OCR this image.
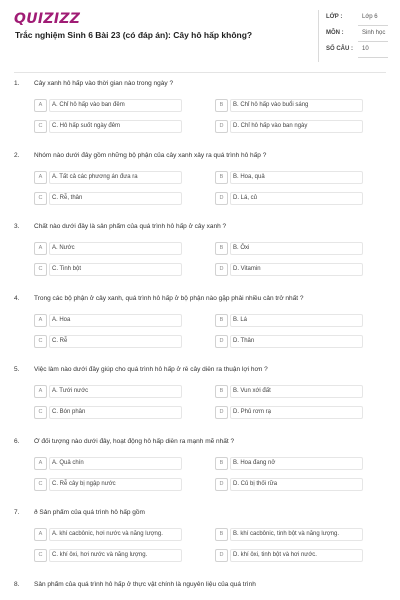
QUIZIZZ
Trắc nghiệm Sinh 6 Bài 23 (có đáp án): Cây hô hấp không?
LỚP :	Lớp 6
MÔN :	Sinh học
SỐ CÂU : 10
1. Cây xanh hô hấp vào thời gian nào trong ngày ?
A	A. Chỉ hô hấp vào ban đêm	B	B. Chỉ hô hấp vào buổi sáng
C	C. Hô hấp suốt ngày đêm	D	D. Chỉ hô hấp vào ban ngày
2. Nhóm nào dưới đây gồm những bộ phận của cây xanh xảy ra quá trình hô hấp ?
A	A. Tất cả các phương án đưa ra	B	B. Hoa, quả
C	C. Rễ, thân	D	D. Lá, củ
3. Chất nào dưới đây là sản phẩm của quá trình hô hấp ở cây xanh ?
A	A. Nước	B	B. Ôxi
C	C. Tinh bột	D	D. Vitamin
4. Trong các bộ phận ở cây xanh, quá trình hô hấp ở bộ phận nào gặp phải nhiều cản trở nhất ?
A	A. Hoa	B	B. Lá
C	C. Rễ	D	D. Thân
5. Việc làm nào dưới đây giúp cho quá trình hô hấp ở rễ cây diễn ra thuận lợi hơn ?
A	A. Tưới nước	B	B. Vun xới đất
C	C. Bón phân	D	D. Phủ rơm rạ
6. Ở đối tượng nào dưới đây, hoạt động hô hấp diễn ra mạnh mẽ nhất ?
A	A. Quả chín	B	B. Hoa đang nở
C	C. Rễ cây bị ngập nước	D	D. Củ bị thối rữa
7. ð Sản phẩm của quá trình hô hấp gồm
A	A. khí cacbônic, hơi nước và năng lượng.	B	B. khí cacbônic, tinh bột và năng lượng.
C	C. khí ôxi, hơi nước và năng lượng.	D	D. khí ôxi, tinh bột và hơi nước.
8. Sản phẩm của quá trình hô hấp ở thực vật chính là nguyên liệu của quá trình
